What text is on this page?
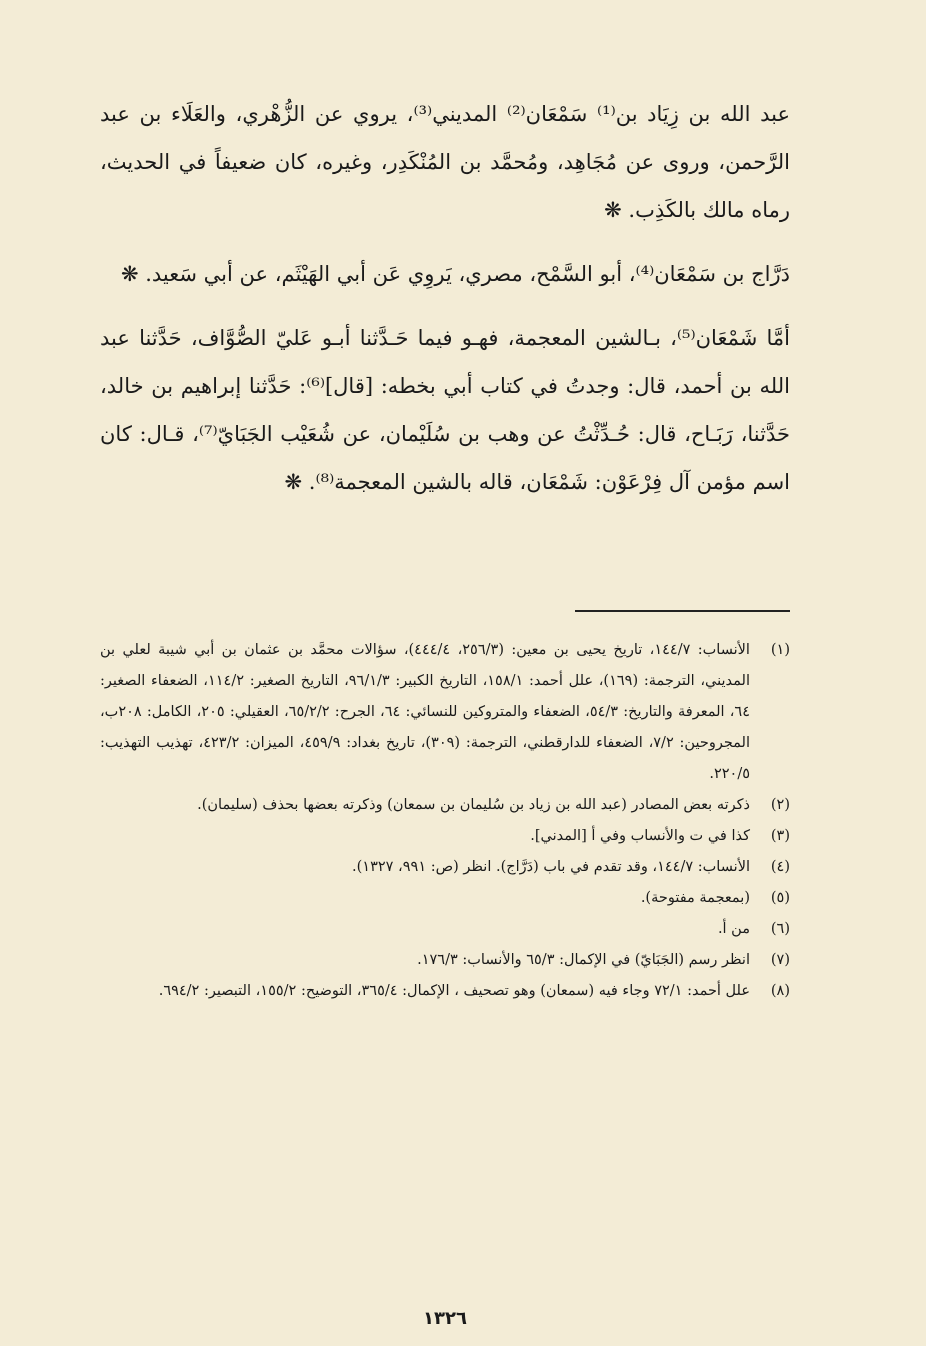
عبد الله بن زِيَاد بن⁽¹⁾ سَمْعَان⁽²⁾ المديني⁽³⁾، يروي عن الزُّهْري، والعَلَاء بن عبد الرَّحمن، وروى عن مُجَاهِد، ومُحمَّد بن المُنْكَدِر، وغيره، كان ضعيفاً في الحديث، رماه مالك بالكَذِب. ❋

دَرَّاج بن سَمْعَان⁽⁴⁾، أبو السَّمْح، مصري، يَروِي عَن أبي الهَيْثَم، عن أبي سَعيد. ❋

أمَّا شَمْعَان⁽⁵⁾، بـالشين المعجمة، فهـو فيما حَـدَّثنا أبـو عَليّ الصُّوَّاف، حَدَّثنا عبد الله بن أحمد، قال: وجدتُ في كتاب أبي بخطه: [قال]⁽⁶⁾: حَدَّثنا إبراهيم بن خالد، حَدَّثنا، رَبَـاح، قال: حُـدِّثْتُ عن وهب بن سُلَيْمان، عن شُعَيْب الجَبَايّ⁽⁷⁾، قـال: كان اسم مؤمن آل فِرْعَوْن: شَمْعَان، قاله بالشين المعجمة⁽⁸⁾. ❋

(١)
الأنساب: ١٤٤/٧، تاريخ يحيى بن معين: (٢٥٦/٣، ٤٤٤/٤)، سؤالات محمَّد بن عثمان بن أبي شيبة لعلي بن المديني، الترجمة: (١٦٩)، علل أحمد: ١٥٨/١، التاريخ الكبير: ٩٦/١/٣، التاريخ الصغير: ١١٤/٢، الضعفاء الصغير: ٦٤، المعرفة والتاريخ: ٥٤/٣، الضعفاء والمتروكين للنسائي: ٦٤، الجرح: ٦٥/٢/٢، العقيلي: ٢٠٥، الكامل: ٢٠٨ب، المجروحين: ٧/٢، الضعفاء للدارقطني، الترجمة: (٣٠٩)، تاريخ بغداد: ٤٥٩/٩، الميزان: ٤٢٣/٢، تهذيب التهذيب: ٢٢٠/٥.
(٢)
ذكرته بعض المصادر (عبد الله بن زياد بن سُليمان بن سمعان) وذكرته بعضها بحذف (سليمان).
(٣)
كذا في ت والأنساب وفي أ [المدني].
(٤)
الأنساب: ١٤٤/٧، وقد تقدم في باب (دَرَّاج). انظر (ص: ٩٩١، ١٣٢٧).
(٥)
(بمعجمة مفتوحة).
(٦)
من أ.
(٧)
انظر رسم (الجَبَايّ) في الإكمال: ٦٥/٣ والأنساب: ١٧٦/٣.
(٨)
علل أحمد: ٧٢/١ وجاء فيه (سمعان) وهو تصحيف ، الإكمال: ٣٦٥/٤، التوضيح: ١٥٥/٢، التبصير: ٦٩٤/٢.
١٣٢٦
